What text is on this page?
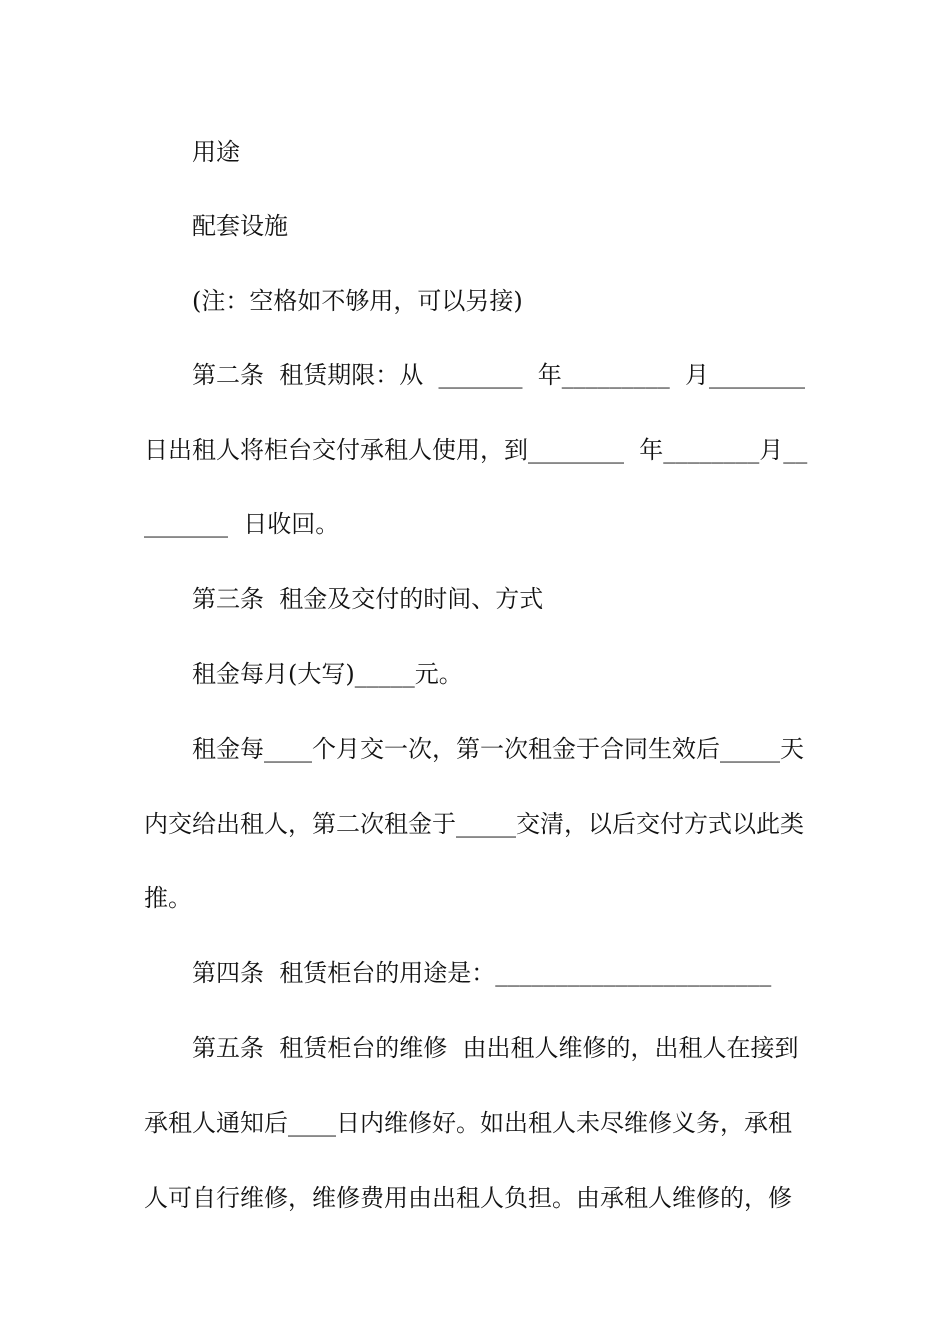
用途
配套设施
(注：空格如不够用，可以另接)
第二条  租赁期限：从  _______  年_________  月________
日出租人将柜台交付承租人使用，到________  年________月__
_______  日收回。
第三条  租金及交付的时间、方式
租金每月(大写)_____元。
租金每____个月交一次，第一次租金于合同生效后_____天
内交给出租人，第二次租金于_____交清，以后交付方式以此类
推。
第四条  租赁柜台的用途是：_______________________
第五条  租赁柜台的维修  由出租人维修的，出租人在接到
承租人通知后____日内维修好。如出租人未尽维修义务，承租
人可自行维修，维修费用由出租人负担。由承租人维修的，修
